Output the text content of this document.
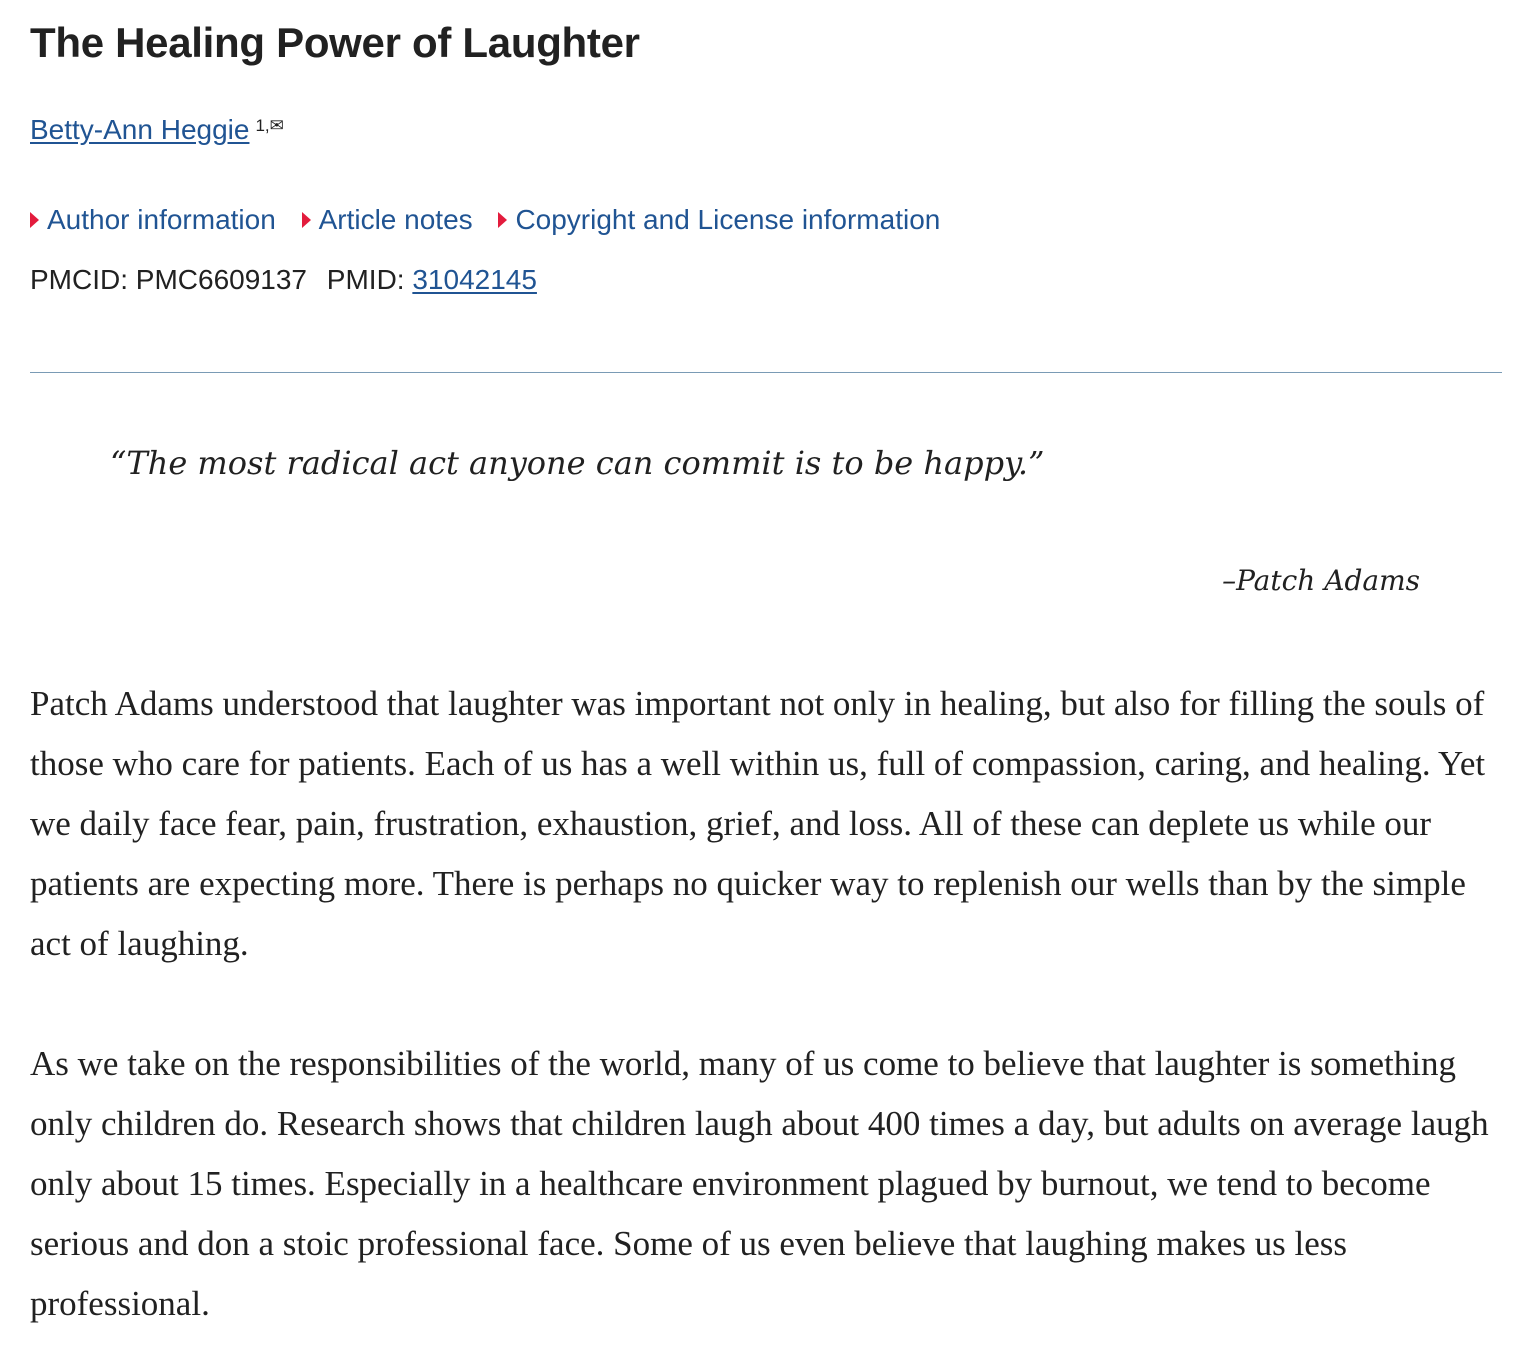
The Healing Power of Laughter
Betty-Ann Heggie $^{1,✉}$
Author information Article notes Copyright and License information
PMCID: PMC6609137 PMID: 31042145
“The most radical act anyone can commit is to be happy.”
–Patch Adams

Patch Adams understood that laughter was important not only in healing, but also for filling the souls of those who care for patients. Each of us has a well within us, full of compassion, caring, and healing. Yet we daily face fear, pain, frustration, exhaustion, grief, and loss. All of these can deplete us while our patients are expecting more. There is perhaps no quicker way to replenish our wells than by the simple act of laughing.

As we take on the responsibilities of the world, many of us come to believe that laughter is something only children do. Research shows that children laugh about 400 times a day, but adults on average laugh only about 15 times. Especially in a healthcare environment plagued by burnout, we tend to become serious and don a stoic professional face. Some of us even believe that laughing makes us less professional.
